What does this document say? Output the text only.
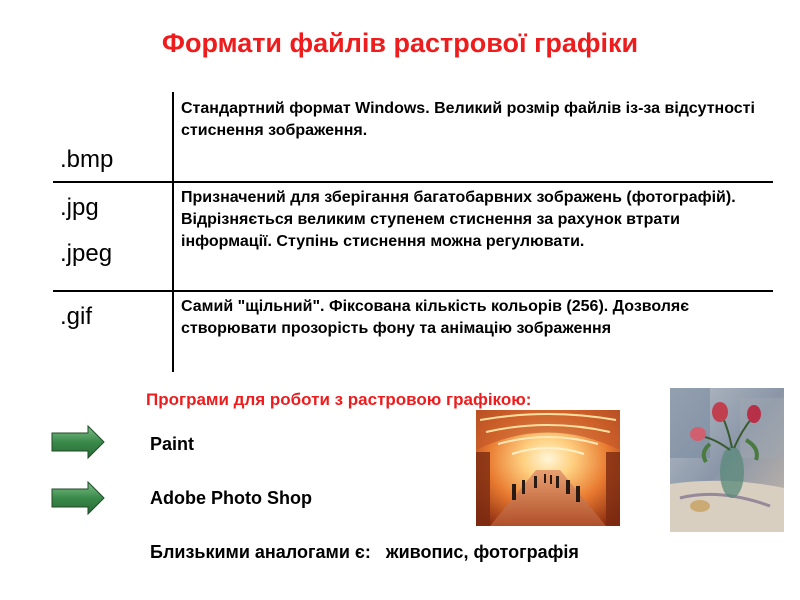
Формати файлів растрової графіки
.bmp
Стандартний формат Windows. Великий розмір файлів із-за відсутності стиснення зображення.
.jpg
.jpeg
Призначений для зберігання багатобарвних зображень (фотографій). Відрізняється великим ступенем стиснення за рахунок втрати інформації. Ступінь стиснення можна регулювати.
.gif	Самий "щільний". Фіксована кількість кольорів (256). Дозволяє створювати прозорість фону та анімацію зображення
Програми для роботи з растровою графікою:
Paint
Adobe Photo Shop
Близькими аналогами є: живопис, фотографія
